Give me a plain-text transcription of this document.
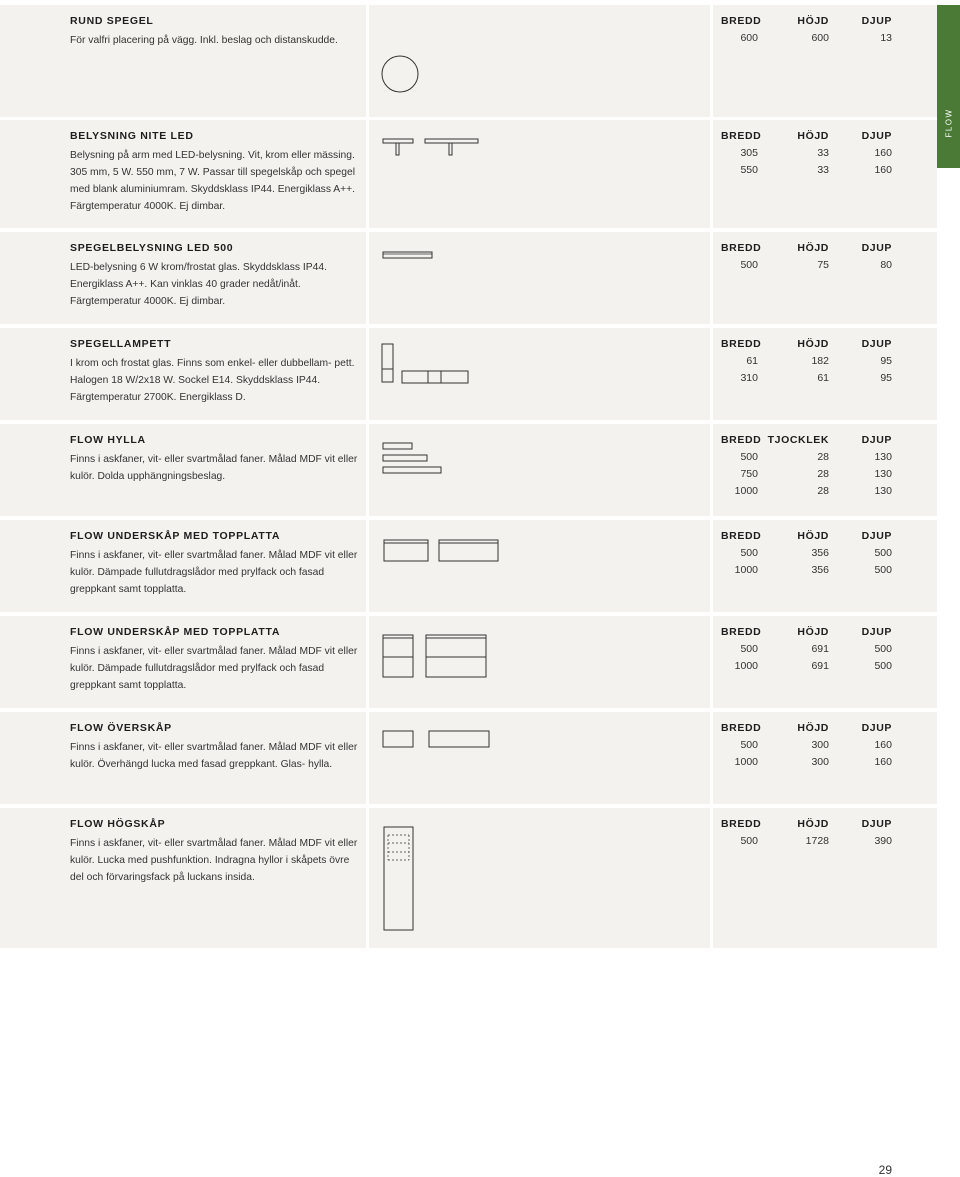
FLOW
RUND SPEGEL
För valfri placering på vägg. Inkl. beslag och distanskudde.
BREDD	HÖJD	DJUP
600	600	13
BELYSNING NITE LED
Belysning på arm med LED-belysning. Vit, krom eller mässing. 305 mm, 5 W. 550 mm, 7 W. Passar till spegelskåp och spegel med blank aluminiumram. Skyddsklass IP44. Energiklass A++. Färgtemperatur 4000K. Ej dimbar.
BREDD	HÖJD	DJUP
305	33	160
550	33	160
SPEGELBELYSNING LED 500
LED-belysning 6 W krom/frostat glas. Skyddsklass IP44. Energiklass A++. Kan vinklas 40 grader nedåt/inåt. Färgtemperatur 4000K. Ej dimbar.
BREDD	HÖJD	DJUP
500	75	80
SPEGELLAMPETT
I krom och frostat glas. Finns som enkel- eller dubbellam- pett. Halogen 18 W/2x18 W. Sockel E14. Skyddsklass IP44. Färgtemperatur 2700K. Energiklass D.
BREDD	HÖJD	DJUP
61	182	95
310	61	95
FLOW HYLLA
Finns i askfaner, vit- eller svartmålad faner. Målad MDF vit eller kulör. Dolda upphängningsbeslag.
BREDD TJOCKLEK	DJUP
500	28	130
750	28	130
1000	28	130
FLOW UNDERSKÅP MED TOPPLATTA
Finns i askfaner, vit- eller svartmålad faner. Målad MDF vit eller kulör. Dämpade fullutdragslådor med prylfack och fasad greppkant samt topplatta.
BREDD	HÖJD	DJUP
500	356	500
1000	356	500
FLOW UNDERSKÅP MED TOPPLATTA
Finns i askfaner, vit- eller svartmålad faner. Målad MDF vit eller kulör. Dämpade fullutdragslådor med prylfack och fasad greppkant samt topplatta.
BREDD	HÖJD	DJUP
500	691	500
1000	691	500
FLOW ÖVERSKÅP
Finns i askfaner, vit- eller svartmålad faner. Målad MDF vit eller kulör. Överhängd lucka med fasad greppkant. Glas- hylla.
BREDD	HÖJD	DJUP
500	300	160
1000	300	160
FLOW HÖGSKÅP
Finns i askfaner, vit- eller svartmålad faner. Målad MDF vit eller kulör. Lucka med pushfunktion. Indragna hyllor i skåpets övre del och förvaringsfack på luckans insida.
BREDD	HÖJD	DJUP
500	1728	390
29
